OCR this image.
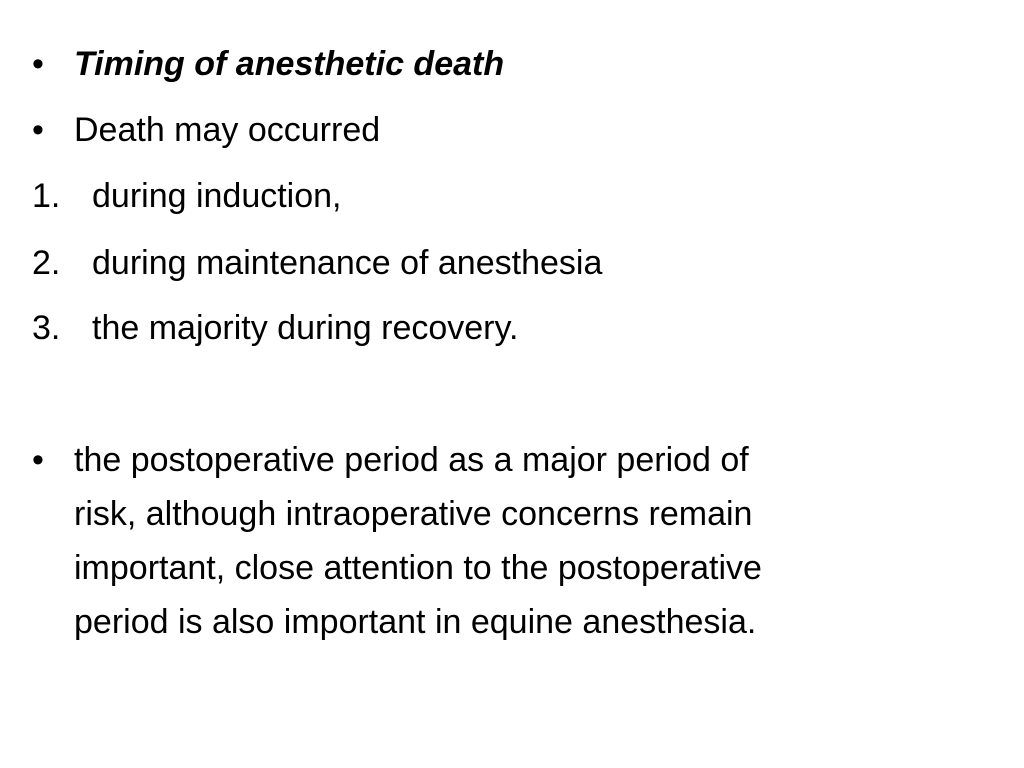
• Timing of anesthetic death
• Death may occurred
1. during induction,
2. during maintenance of anesthesia
3. the majority during recovery.
• the postoperative period as a major period of
risk, although intraoperative concerns remain
important, close attention to the postoperative
period is also important in equine anesthesia.
